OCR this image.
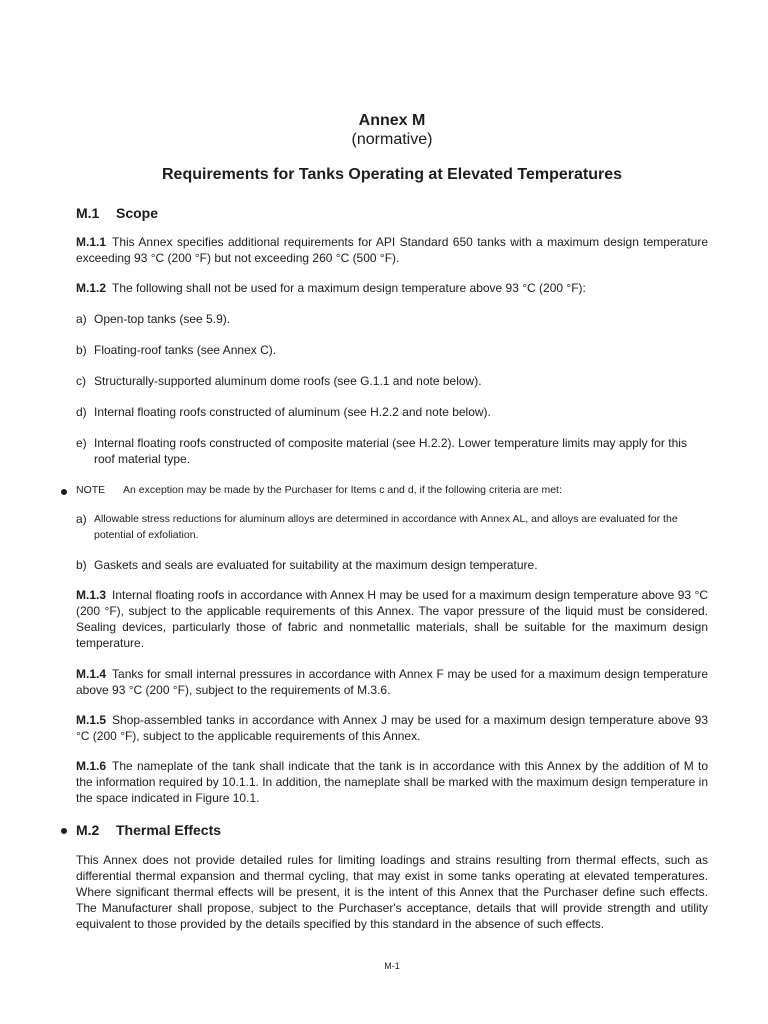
Annex M
(normative)
Requirements for Tanks Operating at Elevated Temperatures
M.1 Scope
M.1.1 This Annex specifies additional requirements for API Standard 650 tanks with a maximum design temperature exceeding 93 °C (200 °F) but not exceeding 260 °C (500 °F).
M.1.2 The following shall not be used for a maximum design temperature above 93 °C (200 °F):
a) Open-top tanks (see 5.9).
b) Floating-roof tanks (see Annex C).
c) Structurally-supported aluminum dome roofs (see G.1.1 and note below).
d) Internal floating roofs constructed of aluminum (see H.2.2 and note below).
e) Internal floating roofs constructed of composite material (see H.2.2). Lower temperature limits may apply for this roof material type.
NOTE An exception may be made by the Purchaser for Items c and d, if the following criteria are met:
a) Allowable stress reductions for aluminum alloys are determined in accordance with Annex AL, and alloys are evaluated for the potential of exfoliation.
b) Gaskets and seals are evaluated for suitability at the maximum design temperature.
M.1.3 Internal floating roofs in accordance with Annex H may be used for a maximum design temperature above 93 °C (200 °F), subject to the applicable requirements of this Annex. The vapor pressure of the liquid must be considered. Sealing devices, particularly those of fabric and nonmetallic materials, shall be suitable for the maximum design temperature.
M.1.4 Tanks for small internal pressures in accordance with Annex F may be used for a maximum design temperature above 93 °C (200 °F), subject to the requirements of M.3.6.
M.1.5 Shop-assembled tanks in accordance with Annex J may be used for a maximum design temperature above 93 °C (200 °F), subject to the applicable requirements of this Annex.
M.1.6 The nameplate of the tank shall indicate that the tank is in accordance with this Annex by the addition of M to the information required by 10.1.1. In addition, the nameplate shall be marked with the maximum design temperature in the space indicated in Figure 10.1.
M.2 Thermal Effects
This Annex does not provide detailed rules for limiting loadings and strains resulting from thermal effects, such as differential thermal expansion and thermal cycling, that may exist in some tanks operating at elevated temperatures. Where significant thermal effects will be present, it is the intent of this Annex that the Purchaser define such effects. The Manufacturer shall propose, subject to the Purchaser's acceptance, details that will provide strength and utility equivalent to those provided by the details specified by this standard in the absence of such effects.
M-1
